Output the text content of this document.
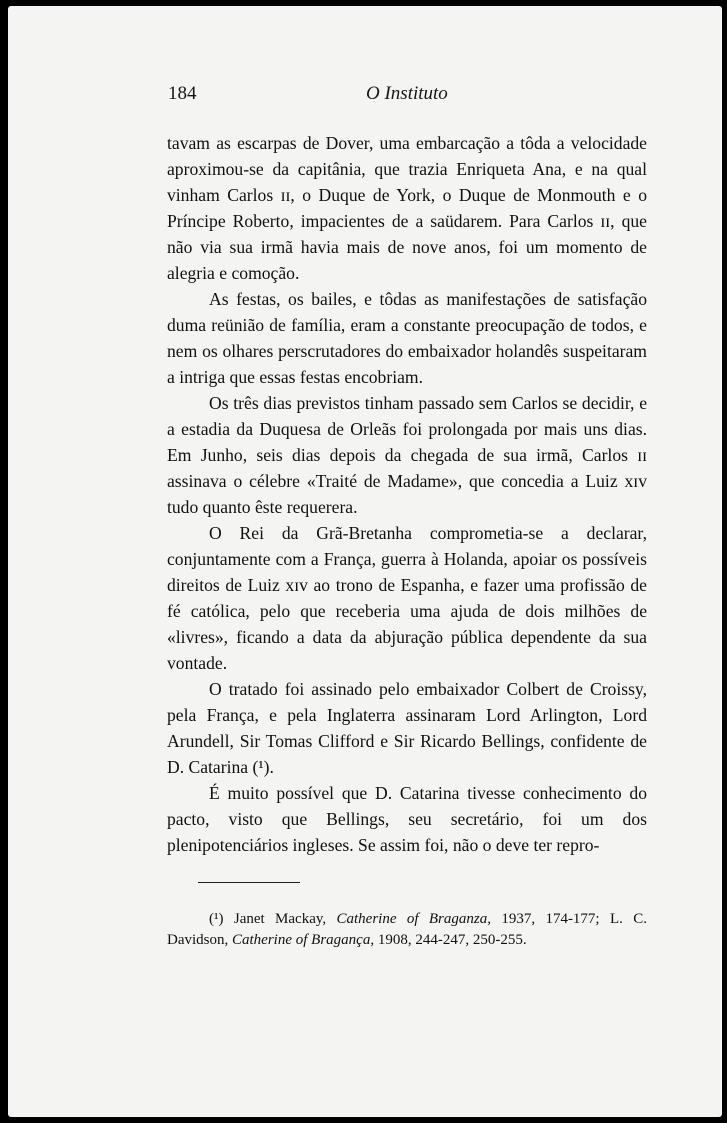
184	O Instituto

tavam as escarpas de Dover, uma embarcação a tôda a velocidade aproximou-se da capitânia, que trazia Enriqueta Ana, e na qual vinham Carlos ɪɪ, o Duque de York, o Duque de Monmouth e o Príncipe Roberto, impacientes de a saüdarem. Para Carlos ɪɪ, que não via sua irmã havia mais de nove anos, foi um momento de alegria e comoção.

As festas, os bailes, e tôdas as manifestações de satisfação duma reünião de família, eram a constante preocupação de todos, e nem os olhares perscrutadores do embaixador holandês suspeitaram a intriga que essas festas encobriam.

Os três dias previstos tinham passado sem Carlos se decidir, e a estadia da Duquesa de Orleãs foi prolongada por mais uns dias. Em Junho, seis dias depois da chegada de sua irmã, Carlos ɪɪ assinava o célebre «Traité de Madame», que concedia a Luiz xɪv tudo quanto êste requerera.

O Rei da Grã-Bretanha comprometia-se a declarar, conjuntamente com a França, guerra à Holanda, apoiar os possíveis direitos de Luiz xɪv ao trono de Espanha, e fazer uma profissão de fé católica, pelo que receberia uma ajuda de dois milhões de «livres», ficando a data da abjuração pública dependente da sua vontade.

O tratado foi assinado pelo embaixador Colbert de Croissy, pela França, e pela Inglaterra assinaram Lord Arlington, Lord Arundell, Sir Tomas Clifford e Sir Ricardo Bellings, confidente de D. Catarina (¹).

É muito possível que D. Catarina tivesse conhecimento do pacto, visto que Bellings, seu secretário, foi um dos plenipotenciários ingleses. Se assim foi, não o deve ter repro-

(¹) Janet Mackay, Catherine of Braganza, 1937, 174-177; L. C. Davidson, Catherine of Bragança, 1908, 244-247, 250-255.
